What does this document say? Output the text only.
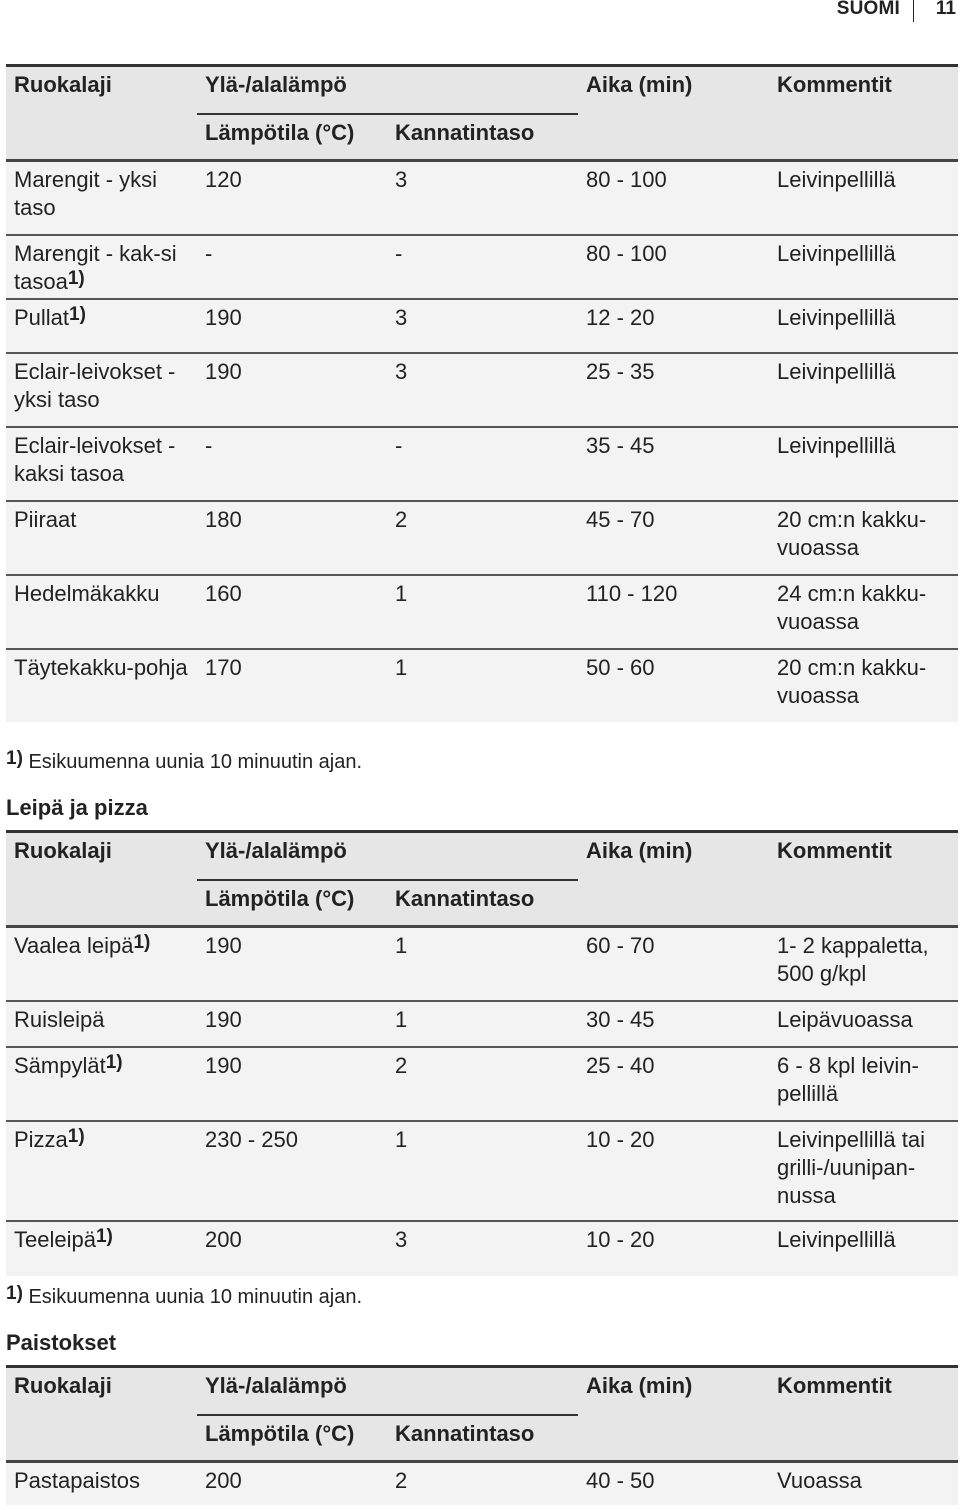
SUOMI 11
Ruokalaji	Ylä-/alalämpö		Aika (min)	Kommentit
	Lämpötila (°C)	Kannatintaso		
Marengit - yksi taso	120	3	80 - 100	Leivinpellillä
Marengit - kak-si tasoa$^{1)}$	-	-	80 - 100	Leivinpellillä
Pullat$^{1)}$	190	3	12 - 20	Leivinpellillä
Eclair-leivokset - yksi taso	190	3	25 - 35	Leivinpellillä
Eclair-leivokset - kaksi tasoa	-	-	35 - 45	Leivinpellillä
Piiraat	180	2	45 - 70	20 cm:n kakku-vuoassa
Hedelmäkakku	160	1	110 - 120	24 cm:n kakku-vuoassa
Täytekakku-pohja	170	1	50 - 60	20 cm:n kakku-vuoassa
1) Esikuumenna uunia 10 minuutin ajan.
Leipä ja pizza
Ruokalaji	Ylä-/alalämpö		Aika (min)	Kommentit
	Lämpötila (°C)	Kannatintaso		
Vaalea leipä$^{1)}$	190	1	60 - 70	1- 2 kappaletta, 500 g/kpl
Ruisleipä	190	1	30 - 45	Leipävuoassa
Sämpylät$^{1)}$	190	2	25 - 40	6 - 8 kpl leivin-pellillä
Pizza$^{1)}$	230 - 250	1	10 - 20	Leivinpellillä tai grilli-/uunipan-nussa
Teeleipä$^{1)}$	200	3	10 - 20	Leivinpellillä
1) Esikuumenna uunia 10 minuutin ajan.
Paistokset
Ruokalaji	Ylä-/alalämpö		Aika (min)	Kommentit
	Lämpötila (°C)	Kannatintaso		
Pastapaistos	200	2	40 - 50	Vuoassa
